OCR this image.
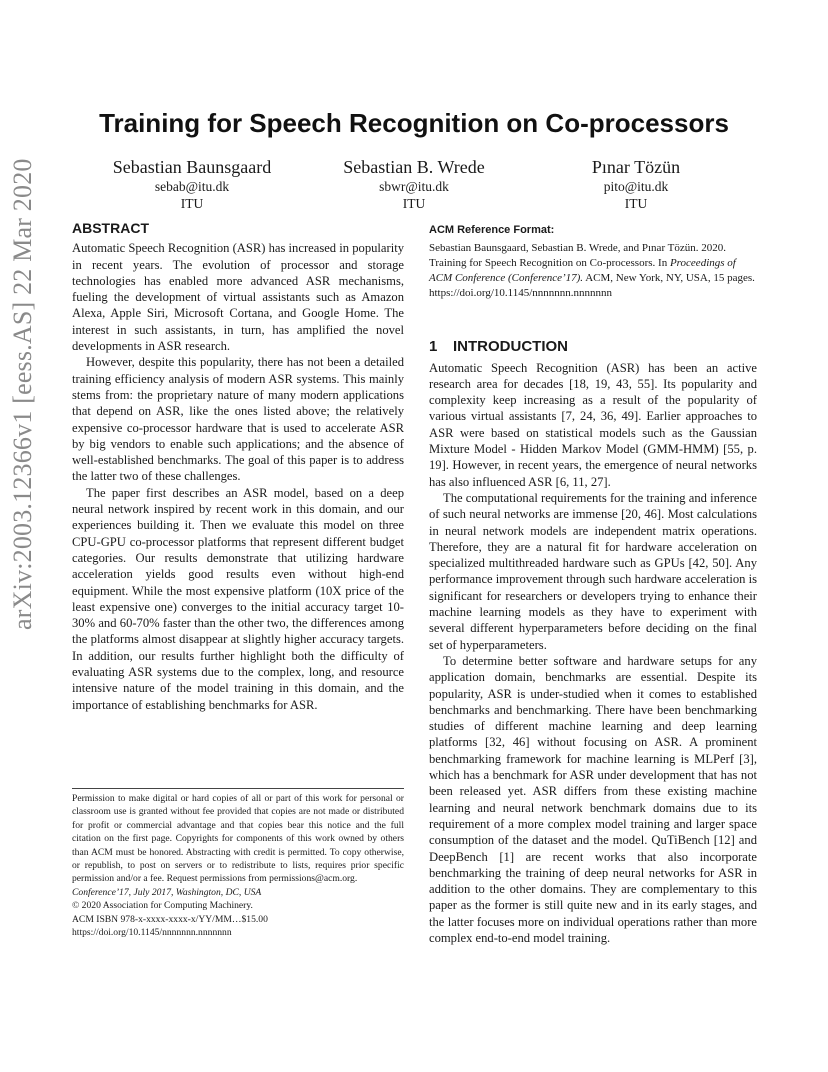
arXiv:2003.12366v1 [eess.AS] 22 Mar 2020
Training for Speech Recognition on Co-processors
Sebastian Baunsgaard
sebab@itu.dk
ITU
Sebastian B. Wrede
sbwr@itu.dk
ITU
Pınar Tözün
pito@itu.dk
ITU
ABSTRACT

Automatic Speech Recognition (ASR) has increased in popularity in recent years. The evolution of processor and storage technologies has enabled more advanced ASR mechanisms, fueling the development of virtual assistants such as Amazon Alexa, Apple Siri, Microsoft Cortana, and Google Home. The interest in such assistants, in turn, has amplified the novel developments in ASR research.

However, despite this popularity, there has not been a detailed training efficiency analysis of modern ASR systems. This mainly stems from: the proprietary nature of many modern applications that depend on ASR, like the ones listed above; the relatively expensive co-processor hardware that is used to accelerate ASR by big vendors to enable such applications; and the absence of well-established benchmarks. The goal of this paper is to address the latter two of these challenges.

The paper first describes an ASR model, based on a deep neural network inspired by recent work in this domain, and our experiences building it. Then we evaluate this model on three CPU-GPU co-processor platforms that represent different budget categories. Our results demonstrate that utilizing hardware acceleration yields good results even without high-end equipment. While the most expensive platform (10X price of the least expensive one) converges to the initial accuracy target 10-30% and 60-70% faster than the other two, the differences among the platforms almost disappear at slightly higher accuracy targets. In addition, our results further highlight both the difficulty of evaluating ASR systems due to the complex, long, and resource intensive nature of the model training in this domain, and the importance of establishing benchmarks for ASR.

ACM Reference Format:
Sebastian Baunsgaard, Sebastian B. Wrede, and Pınar Tözün. 2020. Training for Speech Recognition on Co-processors. In Proceedings of ACM Conference (Conference’17). ACM, New York, NY, USA, 15 pages. https://doi.org/10.1145/nnnnnnn.nnnnnnn
1 INTRODUCTION

Automatic Speech Recognition (ASR) has been an active research area for decades [18, 19, 43, 55]. Its popularity and complexity keep increasing as a result of the popularity of various virtual assistants [7, 24, 36, 49]. Earlier approaches to ASR were based on statistical models such as the Gaussian Mixture Model - Hidden Markov Model (GMM-HMM) [55, p. 19]. However, in recent years, the emergence of neural networks has also influenced ASR [6, 11, 27].

The computational requirements for the training and inference of such neural networks are immense [20, 46]. Most calculations in neural network models are independent matrix operations. Therefore, they are a natural fit for hardware acceleration on specialized multithreaded hardware such as GPUs [42, 50]. Any performance improvement through such hardware acceleration is significant for researchers or developers trying to enhance their machine learning models as they have to experiment with several different hyperparameters before deciding on the final set of hyperparameters.

To determine better software and hardware setups for any application domain, benchmarks are essential. Despite its popularity, ASR is under-studied when it comes to established benchmarks and benchmarking. There have been benchmarking studies of different machine learning and deep learning platforms [32, 46] without focusing on ASR. A prominent benchmarking framework for machine learning is MLPerf [3], which has a benchmark for ASR under development that has not been released yet. ASR differs from these existing machine learning and neural network benchmark domains due to its requirement of a more complex model training and larger space consumption of the dataset and the model. QuTiBench [12] and DeepBench [1] are recent works that also incorporate benchmarking the training of deep neural networks for ASR in addition to the other domains. They are complementary to this paper as the former is still quite new and in its early stages, and the latter focuses more on individual operations rather than more complex end-to-end model training.

Permission to make digital or hard copies of all or part of this work for personal or classroom use is granted without fee provided that copies are not made or distributed for profit or commercial advantage and that copies bear this notice and the full citation on the first page. Copyrights for components of this work owned by others than ACM must be honored. Abstracting with credit is permitted. To copy otherwise, or republish, to post on servers or to redistribute to lists, requires prior specific permission and/or a fee. Request permissions from permissions@acm.org.
Conference’17, July 2017, Washington, DC, USA
© 2020 Association for Computing Machinery.
ACM ISBN 978-x-xxxx-xxxx-x/YY/MM…$15.00
https://doi.org/10.1145/nnnnnnn.nnnnnnn
